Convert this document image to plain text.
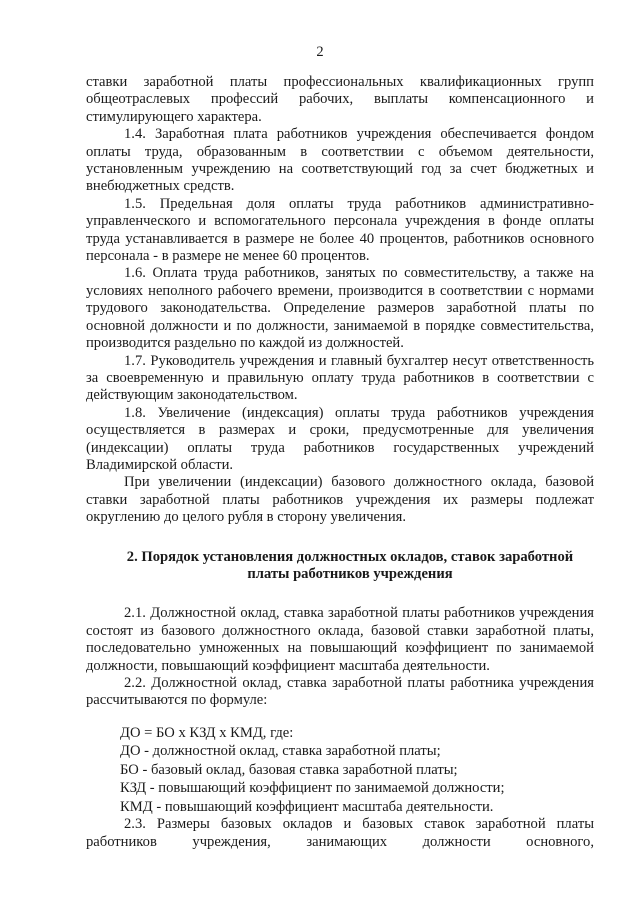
2

ставки заработной платы профессиональных квалификационных групп общеотраслевых профессий рабочих, выплаты компенсационного и стимулирующего характера.

1.4. Заработная плата работников учреждения обеспечивается фондом оплаты труда, образованным в соответствии с объемом деятельности, установленным учреждению на соответствующий год за счет бюджетных и внебюджетных средств.

1.5. Предельная доля оплаты труда работников административно-управленческого и вспомогательного персонала учреждения в фонде оплаты труда устанавливается в размере не более 40 процентов, работников основного персонала - в размере не менее 60 процентов.

1.6. Оплата труда работников, занятых по совместительству, а также на условиях неполного рабочего времени, производится в соответствии с нормами трудового законодательства. Определение размеров заработной платы по основной должности и по должности, занимаемой в порядке совместительства, производится раздельно по каждой из должностей.

1.7. Руководитель учреждения и главный бухгалтер несут ответственность за своевременную и правильную оплату труда работников в соответствии с действующим законодательством.

1.8. Увеличение (индексация) оплаты труда работников учреждения осуществляется в размерах и сроки, предусмотренные для увеличения (индексации) оплаты труда работников государственных учреждений Владимирской области.

При увеличении (индексации) базового должностного оклада, базовой ставки заработной платы работников учреждения их размеры подлежат округлению до целого рубля в сторону увеличения.

2. Порядок установления должностных окладов, ставок заработной платы работников учреждения

2.1. Должностной оклад, ставка заработной платы работников учреждения состоят из базового должностного оклада, базовой ставки заработной платы, последовательно умноженных на повышающий коэффициент по занимаемой должности, повышающий коэффициент масштаба деятельности.

2.2. Должностной оклад, ставка заработной платы работника учреждения рассчитываются по формуле:

ДО = БО х КЗД х КМД, где:
ДО - должностной оклад, ставка заработной платы;
БО - базовый оклад, базовая ставка заработной платы;
КЗД - повышающий коэффициент по занимаемой должности;
КМД - повышающий коэффициент масштаба деятельности.

2.3. Размеры базовых окладов и базовых ставок заработной платы работников учреждения, занимающих должности основного,
